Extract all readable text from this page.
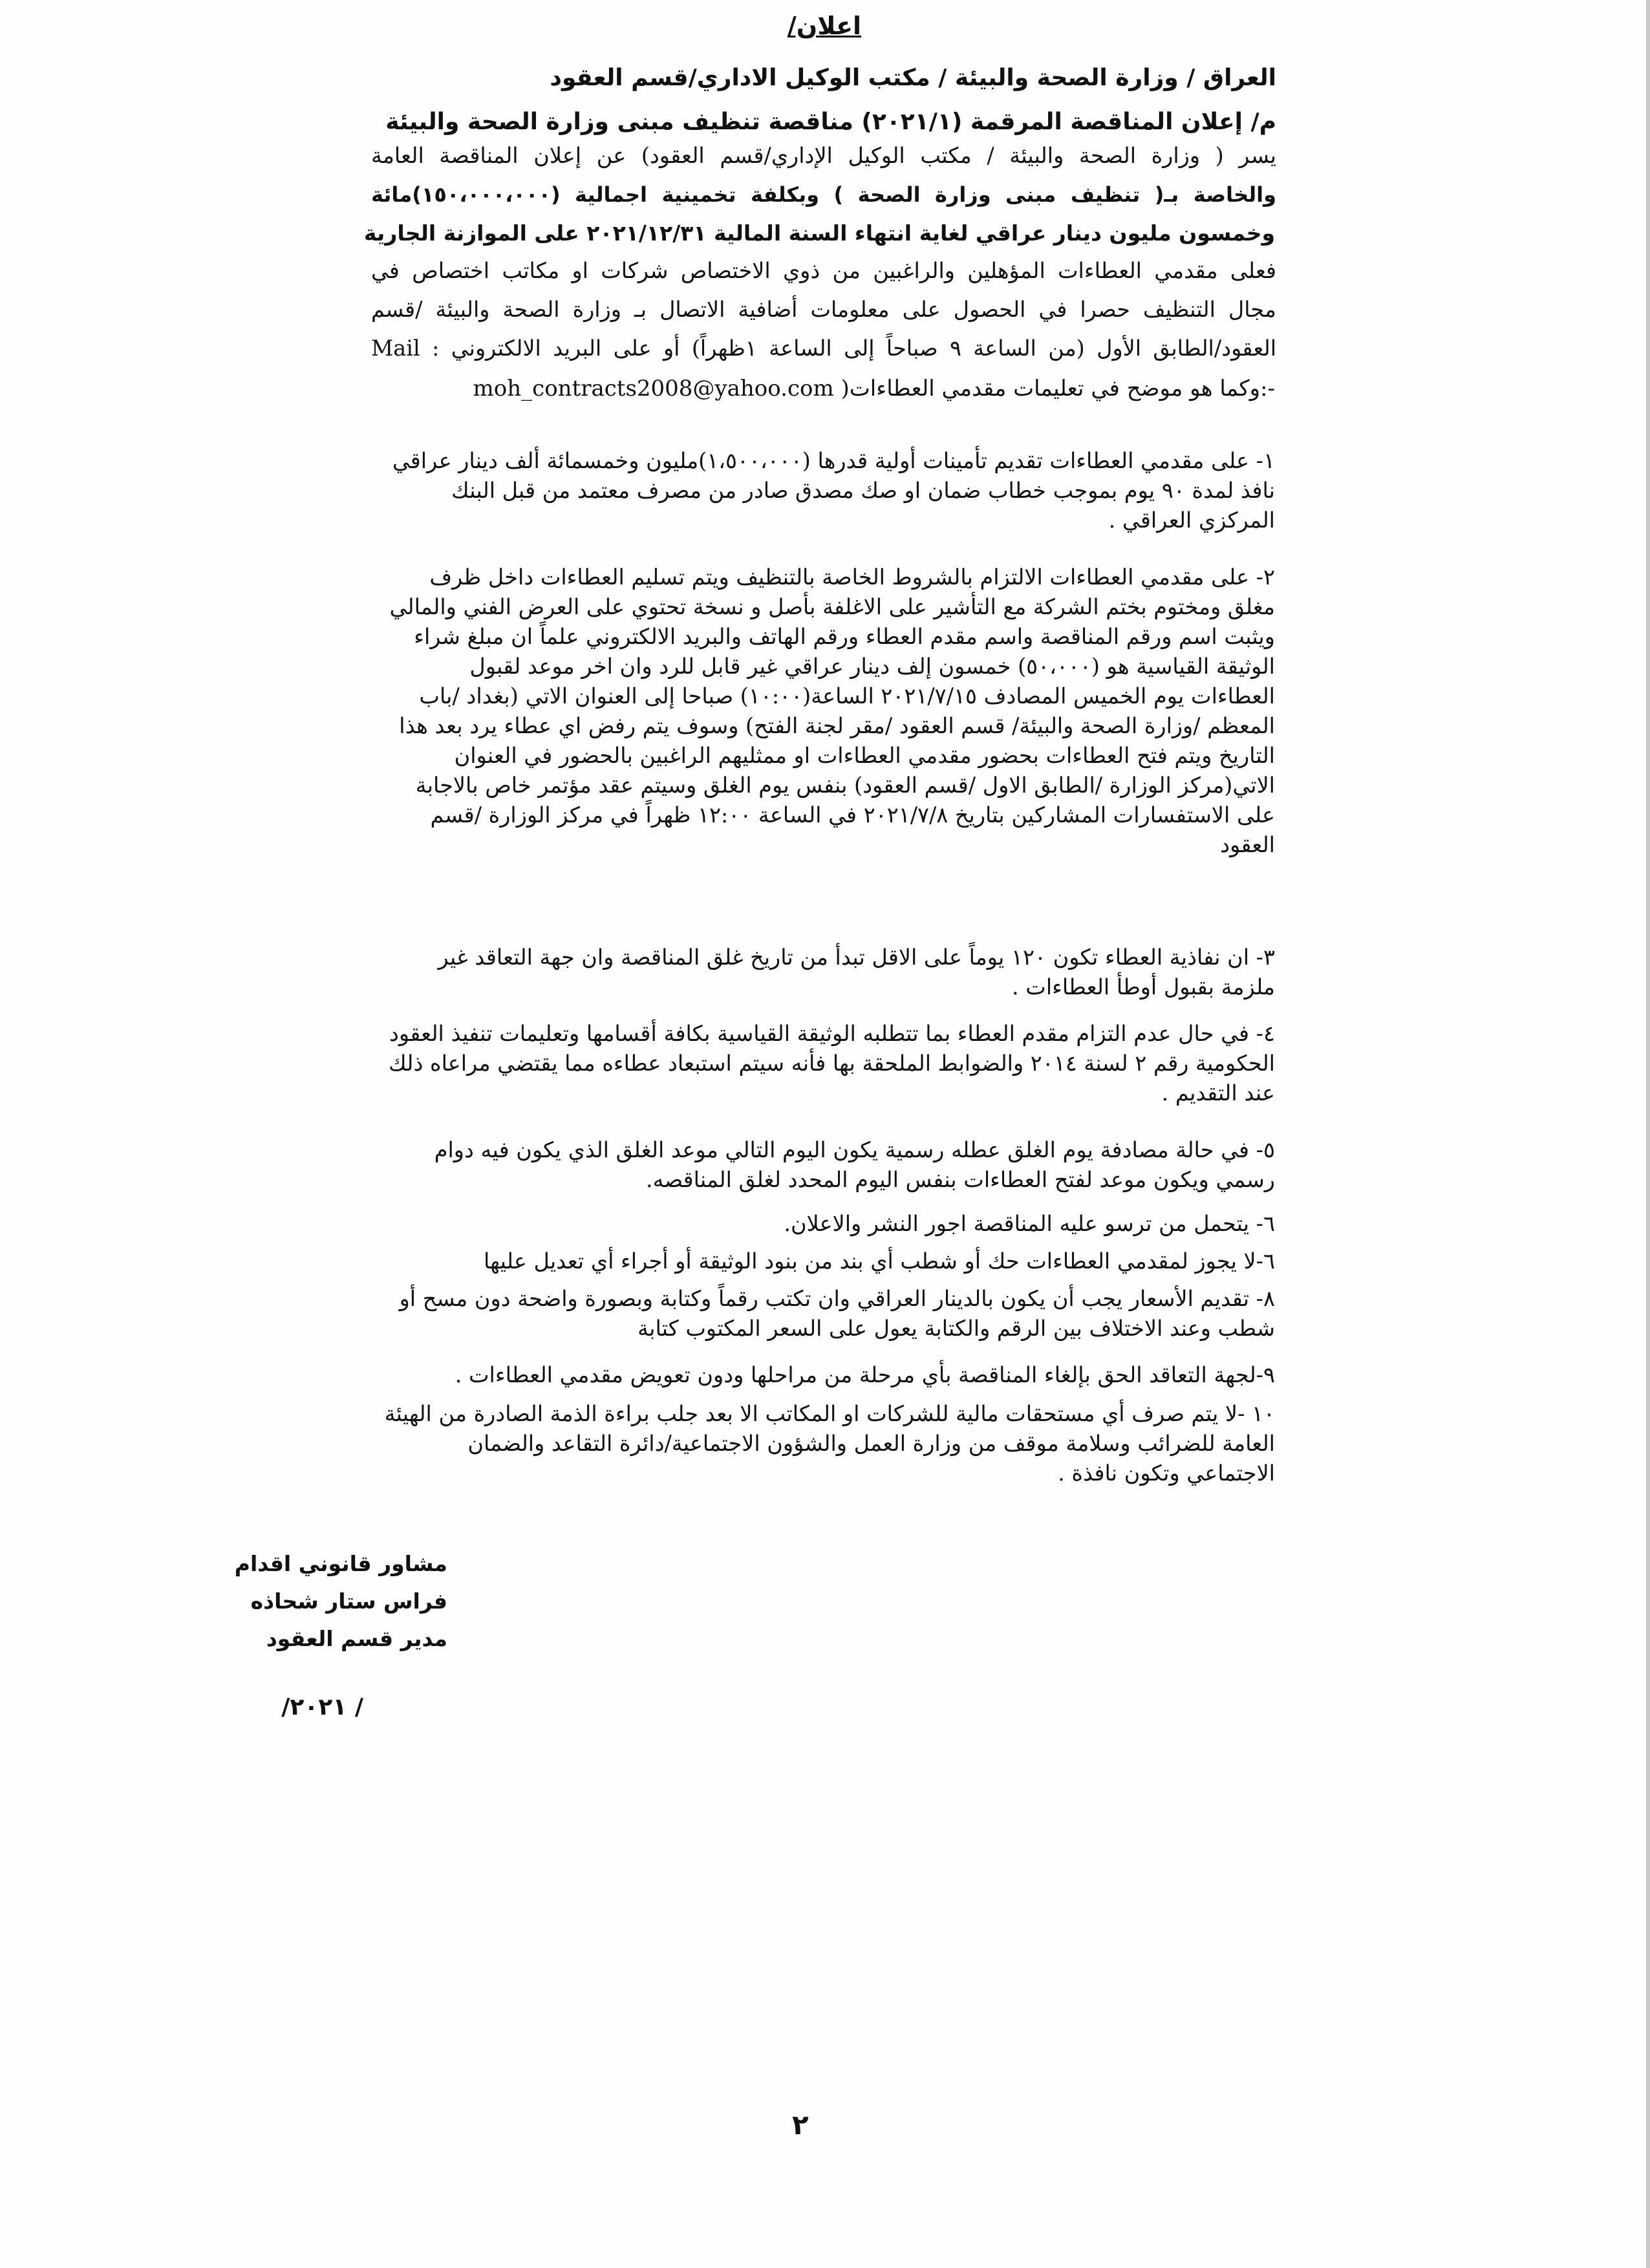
اعلان/
العراق / وزارة الصحة والبيئة / مكتب الوكيل الاداري/قسم العقود
م/ إعلان المناقصة المرقمة (٢٠٢١/١) مناقصة تنظيف مبنى وزارة الصحة والبيئة
يسر ( وزارة الصحة والبيئة / مكتب الوكيل الإداري/قسم العقود) عن إعلان المناقصة العامة
والخاصة بـ( تنظيف مبنى وزارة الصحة ) وبكلفة تخمينية اجمالية (١٥٠،٠٠٠،٠٠٠)مائة
وخمسون مليون دينار عراقي لغاية انتهاء السنة المالية ٢٠٢١/١٢/٣١ على الموازنة الجارية
فعلى مقدمي العطاءات المؤهلين والراغبين من ذوي الاختصاص شركات او مكاتب اختصاص في
مجال التنظيف حصرا في الحصول على معلومات أضافية الاتصال بـ وزارة الصحة والبيئة /قسم
العقود/الطابق الأول (من الساعة ٩ صباحاً إلى الساعة ١ظهراً) أو على البريد الالكتروني : Mail
moh_contracts2008@yahoo.com )وكما هو موضح في تعليمات مقدمي العطاءات:-
١- على مقدمي العطاءات تقديم تأمينات أولية قدرها (١،٥٠٠،٠٠٠)مليون وخمسمائة ألف دينار عراقي نافذ لمدة ٩٠ يوم بموجب خطاب ضمان او صك مصدق صادر من مصرف معتمد من قبل البنك المركزي العراقي .
٢- على مقدمي العطاءات الالتزام بالشروط الخاصة بالتنظيف ويتم تسليم العطاءات داخل ظرف مغلق ومختوم بختم الشركة مع التأشير على الاغلفة بأصل و نسخة تحتوي على العرض الفني والمالي ويثبت اسم ورقم المناقصة واسم مقدم العطاء ورقم الهاتف والبريد الالكتروني علماً ان مبلغ شراء الوثيقة القياسية هو (٥٠،٠٠٠) خمسون إلف دينار عراقي غير قابل للرد وان اخر موعد لقبول العطاءات يوم الخميس المصادف ٢٠٢١/٧/١٥ الساعة(١٠:٠٠) صباحا إلى العنوان الاتي (بغداد /باب المعظم /وزارة الصحة والبيئة/ قسم العقود /مقر لجنة الفتح) وسوف يتم رفض اي عطاء يرد بعد هذا التاريخ ويتم فتح العطاءات بحضور مقدمي العطاءات او ممثليهم الراغبين بالحضور في العنوان الاتي(مركز الوزارة /الطابق الاول /قسم العقود) بنفس يوم الغلق وسيتم عقد مؤتمر خاص بالاجابة على الاستفسارات المشاركين بتاريخ ٢٠٢١/٧/٨ في الساعة ١٢:٠٠ ظهراً في مركز الوزارة /قسم العقود
٣- ان نفاذية العطاء تكون ١٢٠ يوماً على الاقل تبدأ من تاريخ غلق المناقصة وان جهة التعاقد غير ملزمة بقبول أوطأ العطاءات .
٤- في حال عدم التزام مقدم العطاء بما تتطلبه الوثيقة القياسية بكافة أقسامها وتعليمات تنفيذ العقود الحكومية رقم ٢ لسنة ٢٠١٤ والضوابط الملحقة بها فأنه سيتم استبعاد عطاءه مما يقتضي مراعاه ذلك عند التقديم .
٥- في حالة مصادفة يوم الغلق عطله رسمية يكون اليوم التالي موعد الغلق الذي يكون فيه دوام رسمي ويكون موعد لفتح العطاءات بنفس اليوم المحدد لغلق المناقصه.
٦- يتحمل من ترسو عليه المناقصة اجور النشر والاعلان.
٦-لا يجوز لمقدمي العطاءات حك أو شطب أي بند من بنود الوثيقة أو أجراء أي تعديل عليها
٨- تقديم الأسعار يجب أن يكون بالدينار العراقي وان تكتب رقماً وكتابة وبصورة واضحة دون مسح أو شطب وعند الاختلاف بين الرقم والكتابة يعول على السعر المكتوب كتابة
٩-لجهة التعاقد الحق بإلغاء المناقصة بأي مرحلة من مراحلها ودون تعويض مقدمي العطاءات .
١٠ -لا يتم صرف أي مستحقات مالية للشركات او المكاتب الا بعد جلب براءة الذمة الصادرة من الهيئة العامة للضرائب وسلامة موقف من وزارة العمل والشؤون الاجتماعية/دائرة التقاعد والضمان الاجتماعي وتكون نافذة .
مشاور قانوني اقدام
فراس ستار شحاذه
مدير قسم العقود
/ ٢٠٢١/
٢
